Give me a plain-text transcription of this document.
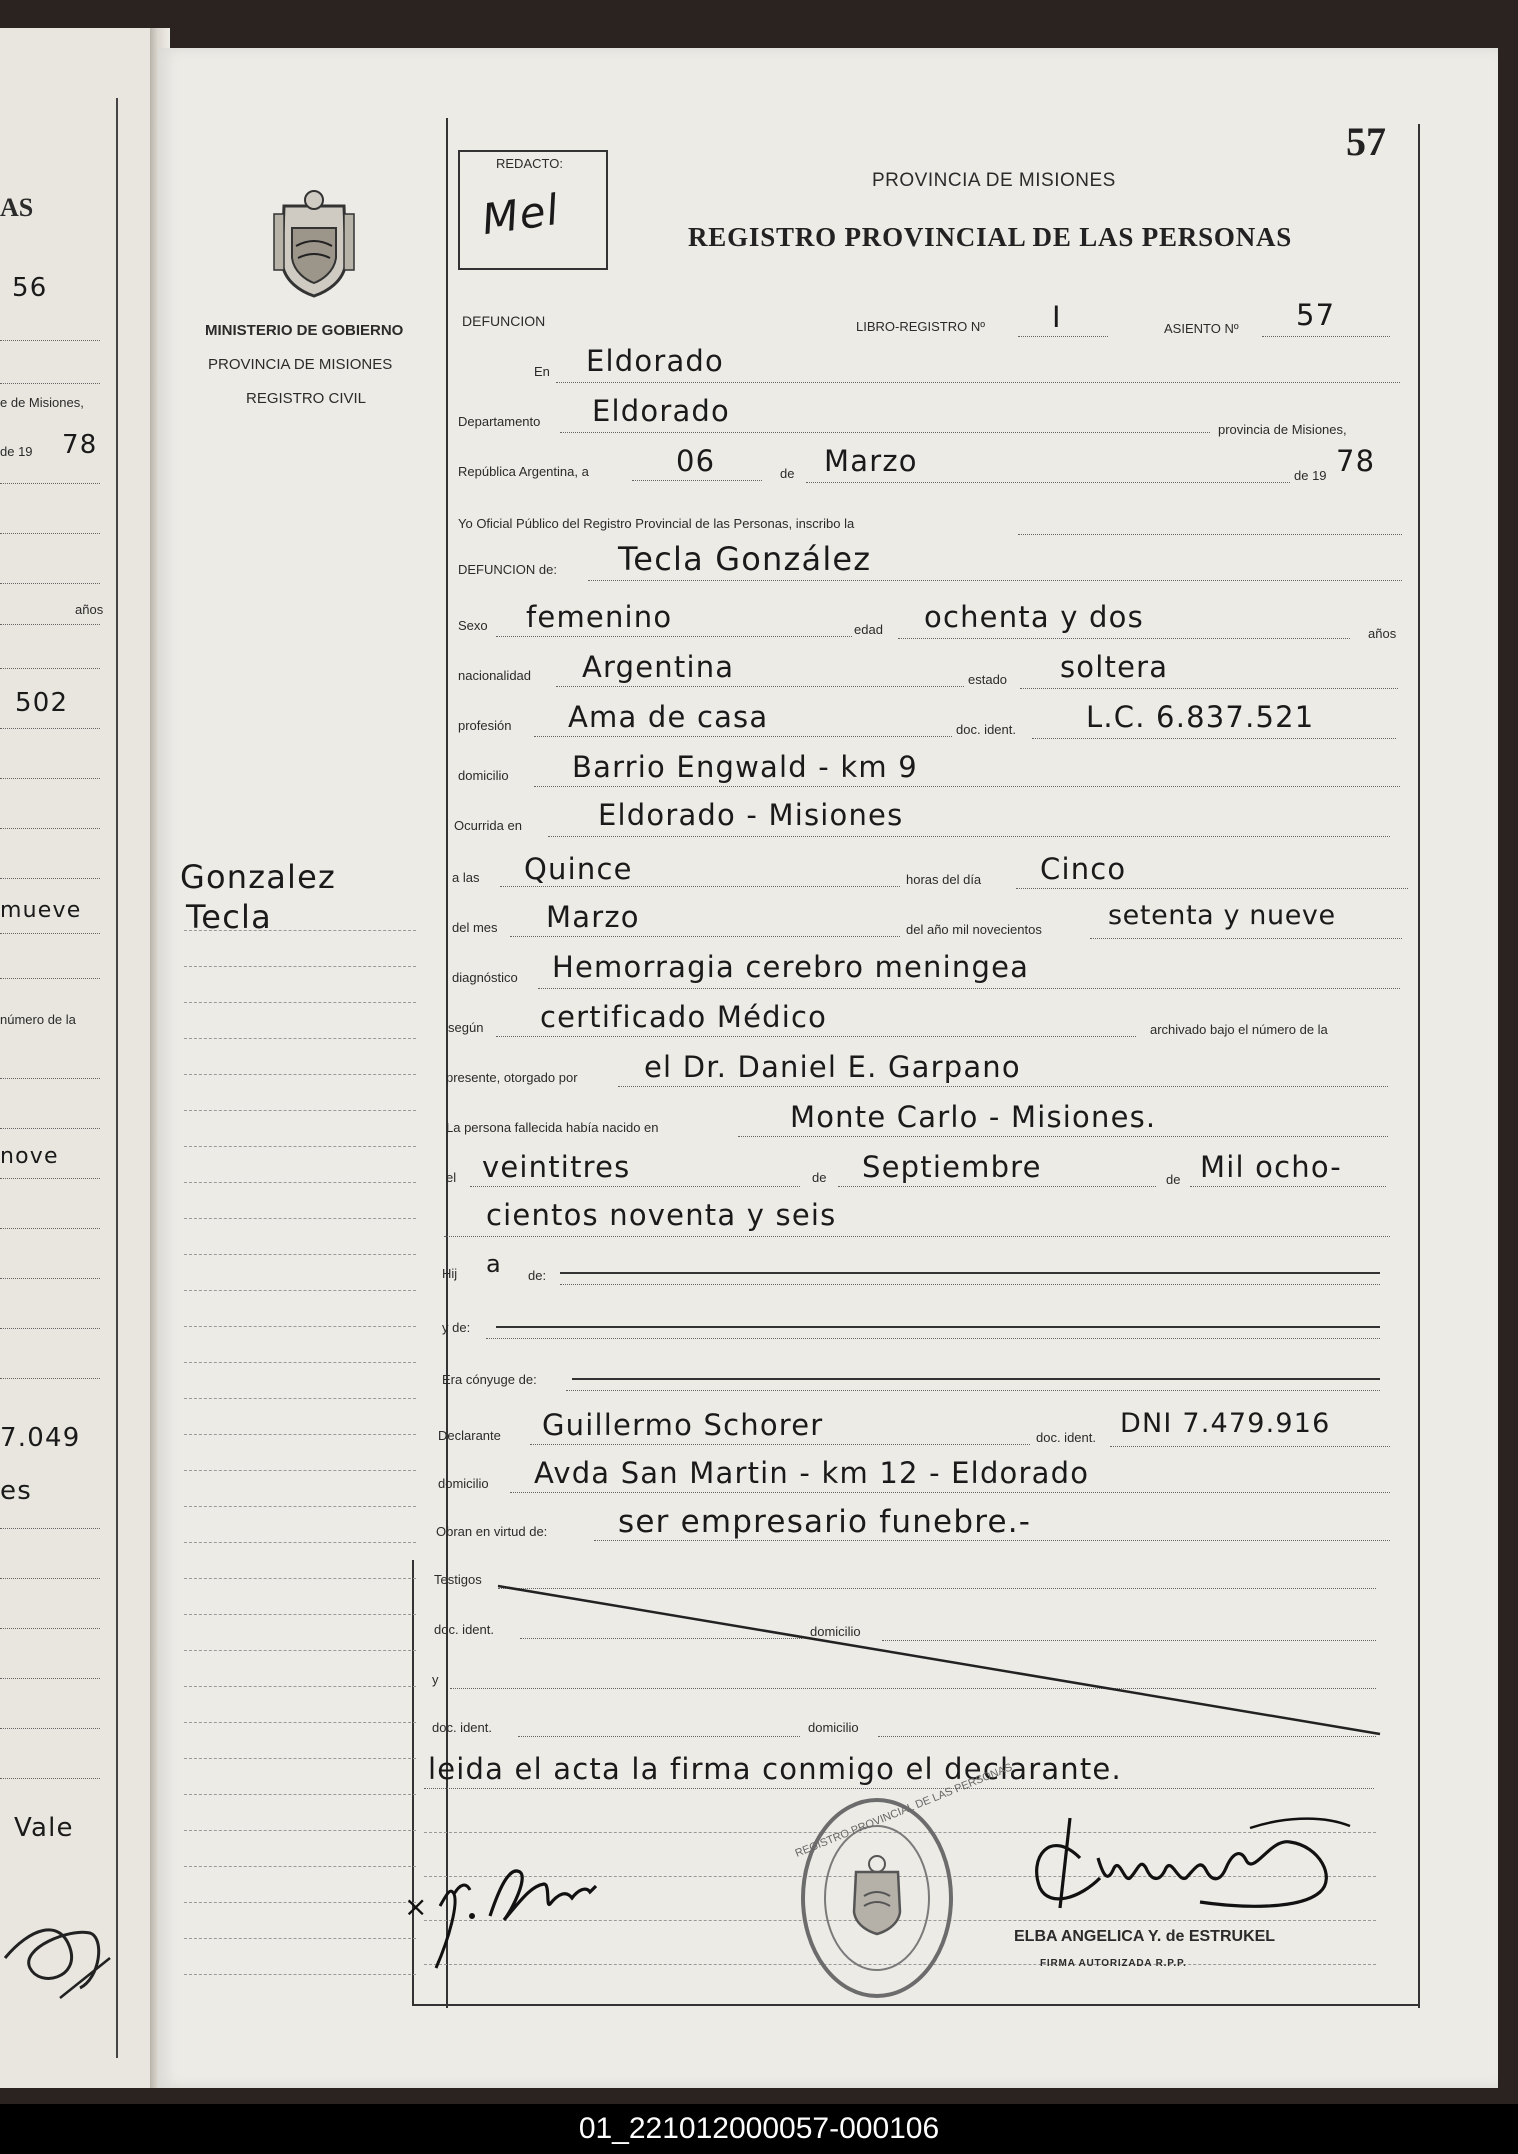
AS
56
e de Misiones,
de 19 78
años
502
mueve
número de la
nove
7.049
es
Vale
57
REDACTO:
Mel
PROVINCIA DE MISIONES
REGISTRO PROVINCIAL DE LAS PERSONAS
MINISTERIO DE GOBIERNO
PROVINCIA DE MISIONES
REGISTRO CIVIL
Gonzalez
Tecla
DEFUNCION	LIBRO-REGISTRO Nº I	ASIENTO Nº 57
En Eldorado
Departamento Eldorado
provincia de Misiones,
República Argentina, a	06	de Marzo	de 19 78
Yo Oficial Público del Registro Provincial de las Personas, inscribo la
DEFUNCION de: Tecla González
Sexo femenino	edad ochenta y dos	años
nacionalidad Argentina	estado soltera
profesión Ama de casa	doc. ident. L.C. 6.837.521
domicilio Barrio Engwald - km 9
Ocurrida en	Eldorado - Misiones
a las Quince	horas del día Cinco
del mes Marzo	del año mil novecientos setenta y nueve
diagnóstico Hemorragia cerebro meningea
según certificado Médico	archivado bajo el número de la
presente, otorgado por el Dr. Daniel E. Garpano
La persona fallecida había nacido en	Monte Carlo - Misiones.
el veintitres	de Septiembre	de Mil ocho-
cientos noventa y seis
Hij a de:
y de:
Era cónyuge de:
Declarante Guillermo Schorer	doc. ident. DNI 7.479.916
domicilio Avda San Martin - km 12 - Eldorado
Obran en virtud de: ser empresario funebre.-
Testigos
doc. ident.	domicilio
y
doc. ident.	domicilio
leida el acta la firma conmigo el declarante.
×
REGISTRO PROVINCIAL DE LAS PERSONAS
ELBA ANGELICA Y. de ESTRUKEL
FIRMA AUTORIZADA R.P.P.
01_221012000057-000106
